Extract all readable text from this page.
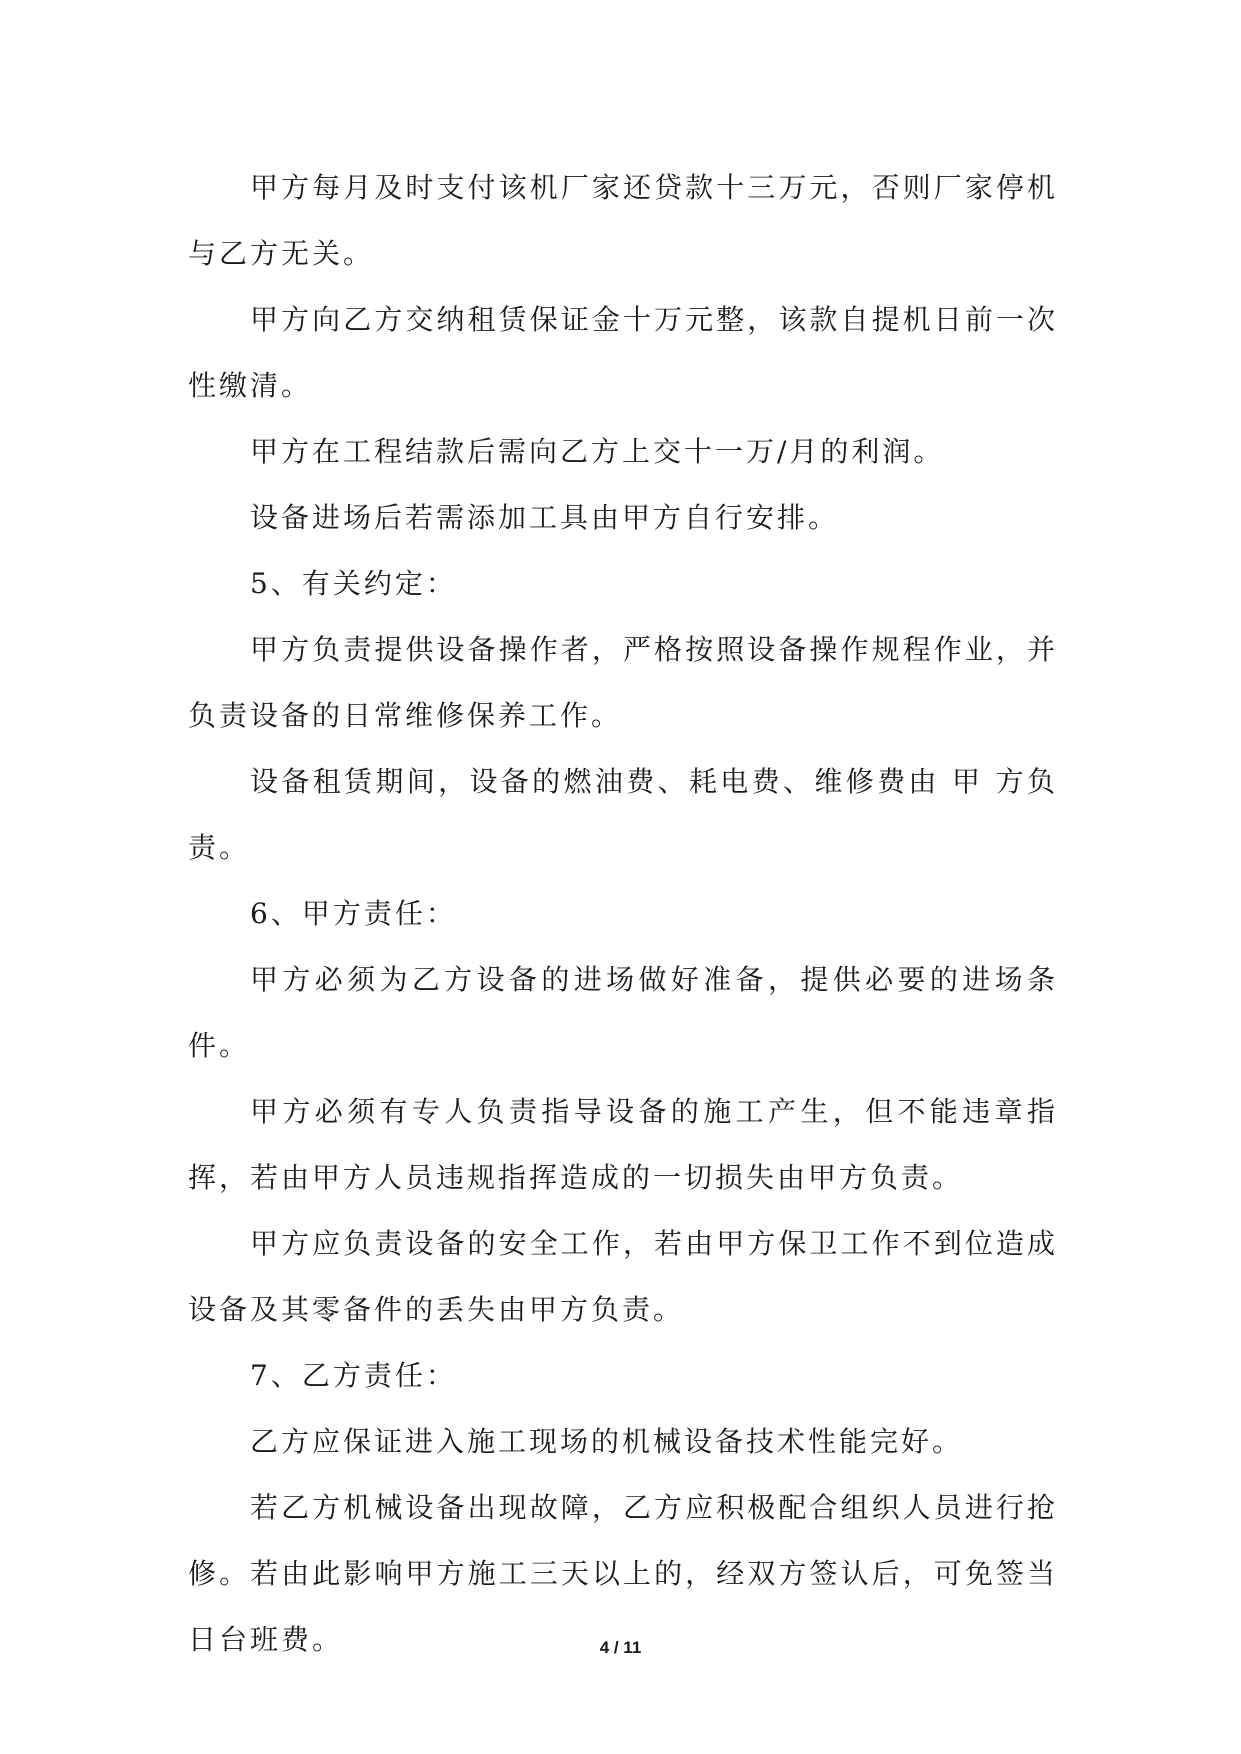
甲方每月及时支付该机厂家还贷款十三万元，否则厂家停机与乙方无关。

甲方向乙方交纳租赁保证金十万元整，该款自提机日前一次性缴清。

甲方在工程结款后需向乙方上交十一万/月的利润。

设备进场后若需添加工具由甲方自行安排。

5、有关约定：

甲方负责提供设备操作者，严格按照设备操作规程作业，并负责设备的日常维修保养工作。

设备租赁期间，设备的燃油费、耗电费、维修费由 甲 方负责。

6、甲方责任：

甲方必须为乙方设备的进场做好准备，提供必要的进场条件。

甲方必须有专人负责指导设备的施工产生，但不能违章指挥，若由甲方人员违规指挥造成的一切损失由甲方负责。

甲方应负责设备的安全工作，若由甲方保卫工作不到位造成设备及其零备件的丢失由甲方负责。

7、乙方责任：

乙方应保证进入施工现场的机械设备技术性能完好。

若乙方机械设备出现故障，乙方应积极配合组织人员进行抢修。若由此影响甲方施工三天以上的，经双方签认后，可免签当日台班费。	4 / 11
